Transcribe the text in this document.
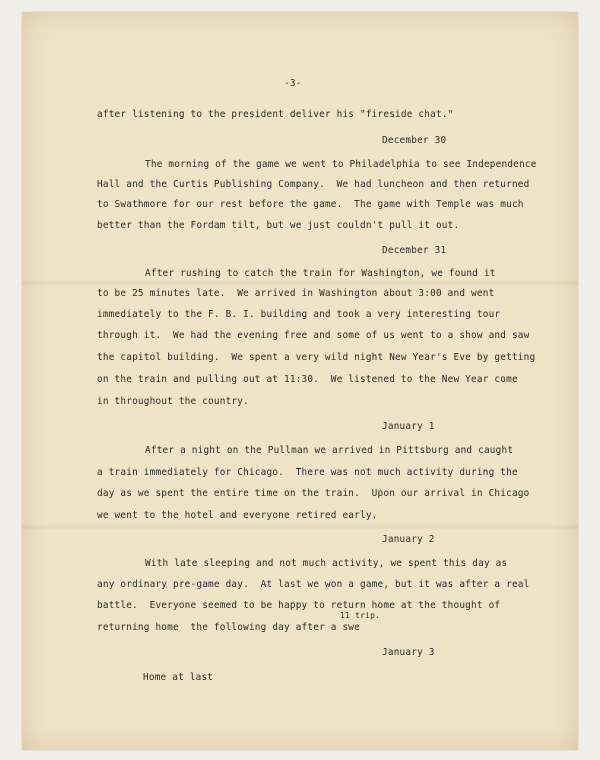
-3-
after listening to the president deliver his "fireside chat."
December 30
The morning of the game we went to Philadelphia to see Independence
Hall and the Curtis Publishing Company.  We had luncheon and then returned
to Swathmore for our rest before the game.  The game with Temple was much
better than the Fordam tilt, but we just couldn't pull it out.
December 31
After rushing to catch the train for Washington, we found it
to be 25 minutes late.  We arrived in Washington about 3:00 and went
immediately to the F. B. I. building and took a very interesting tour
through it.  We had the evening free and some of us went to a show and saw
the capitol building.  We spent a very wild night New Year's Eve by getting
on the train and pulling out at 11:30.  We listened to the New Year come
in throughout the country.
January 1
After a night on the Pullman we arrived in Pittsburg and caught
a train immediately for Chicago.  There was not much activity during the
day as we spent the entire time on the train.  Upon our arrival in Chicago
we went to the hotel and everyone retired early.
January 2
With late sleeping and not much activity, we spent this day as
any ordinary pre-game day.  At last we won a game, but it was after a real
battle.  Everyone seemed to be happy to return home at the thought of
returning home  the following day after a swe
11 trip.
January 3
Home at last
